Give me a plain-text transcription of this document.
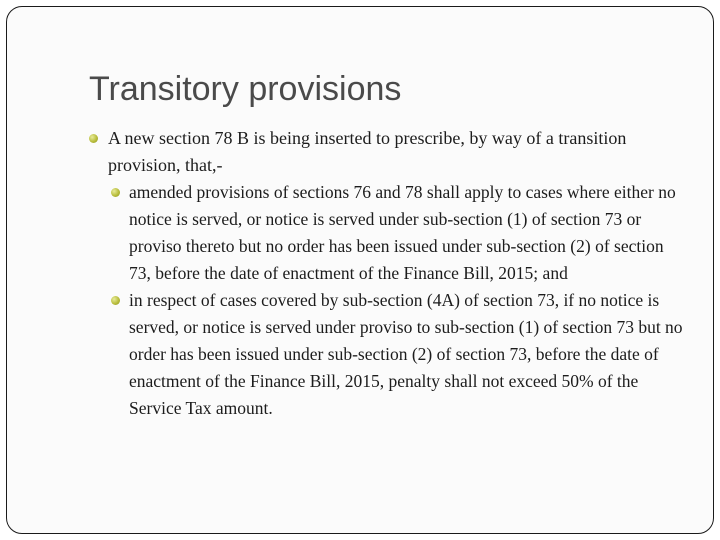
Transitory provisions
A new section 78 B is being inserted to prescribe, by way of a transition provision, that,-
amended provisions of sections 76 and 78 shall apply to cases where either no notice is served, or notice is served under sub-section (1) of section 73 or proviso thereto but no order has been issued under sub-section (2) of section 73, before the date of enactment of the Finance Bill, 2015; and
in respect of cases covered by sub-section (4A) of section 73, if no notice is served, or notice is served under proviso to sub-section (1) of section 73 but no order has been issued under sub-section (2) of section 73, before the date of enactment of the Finance Bill, 2015, penalty shall not exceed 50% of the Service Tax amount.
